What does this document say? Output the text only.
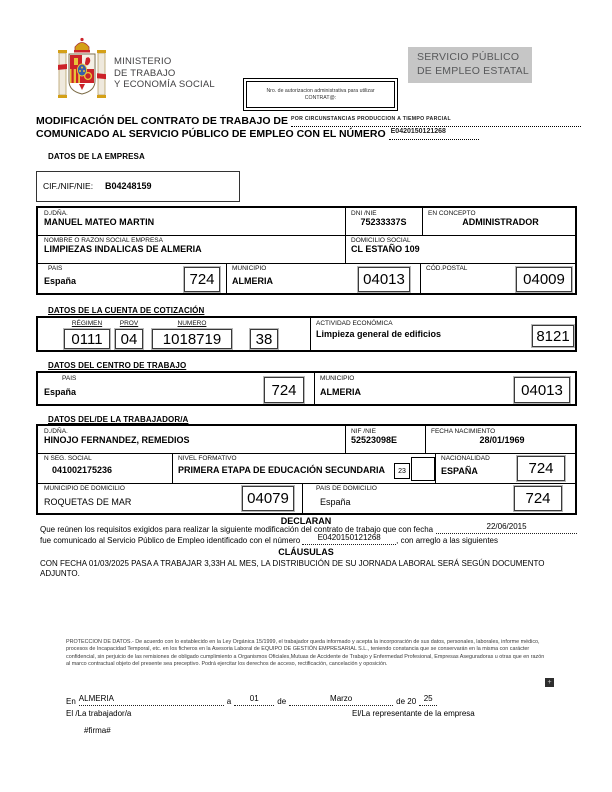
MINISTERIO
DE TRABAJO
Y ECONOMÍA SOCIAL
Nro. de autorizacion administrativa para utilizar
CONTRAT@:
SERVICIO PÚBLICO
DE EMPLEO ESTATAL
MODIFICACIÓN DEL CONTRATO DE TRABAJO DE POR CIRCUNSTANCIAS PRODUCCION A TIEMPO PARCIAL
COMUNICADO AL SERVICIO PÚBLICO DE EMPLEO CON EL NÚMERO E0420150121268
DATOS DE LA EMPRESA
CIF./NIF/NIE: B04248159
D./DÑA.
MANUEL MATEO MARTIN
DNI /NIE
75233337S
EN CONCEPTO
ADMINISTRADOR
NOMBRE O RAZON SOCIAL EMPRESA
LIMPIEZAS INDALICAS DE ALMERIA
DOMICILIO SOCIAL
CL ESTAÑO 109
PAIS
España	724
MUNICIPIO
ALMERIA	04013
CÓD.POSTAL
04009
DATOS DE LA CUENTA DE COTIZACIÓN
RÉGIMEN	PROV	NUMERO
0111	04	1018719	38
ACTIVIDAD ECONÓMICA
Limpieza general de edificios	8121
DATOS DEL CENTRO DE TRABAJO
PAIS
España	724
MUNICIPIO
ALMERIA	04013
DATOS DEL/DE LA TRABAJADOR/A
D./DÑA.
HINOJO FERNANDEZ, REMEDIOS
NIF /NIE
52523098E
FECHA NACIMIENTO
28/01/1969
N SEG. SOCIAL
041002175236
NIVEL FORMATIVO
PRIMERA ETAPA DE EDUCACIÓN SECUNDARIA	23
NACIONALIDAD
ESPAÑA	724
MUNICIPIO DE DOMICILIO
ROQUETAS DE MAR	04079
PAIS DE DOMICILIO
España	724
DECLARAN
Que reúnen los requisitos exigidos para realizar la siguiente modificación del contrato de trabajo que con fecha	22/06/2015
fue comunicado al Servicio Público de Empleo identificado con el número	E0420150121268	, con arreglo a las siguientes
CLÁUSULAS
CON FECHA 01/03/2025 PASA A TRABAJAR 3,33H AL MES, LA DISTRIBUCIÓN DE SU JORNADA LABORAL SERÁ SEGÚN DOCUMENTO ADJUNTO.
PROTECCION DE DATOS.- De acuerdo con lo establecido en la Ley Orgánica 15/1999, el trabajador queda informado y acepta la incorporación de sus datos, personales, laborales, informe médico, procesos de Incapacidad Temporal, etc. en los ficheros en la Asesoria Laboral de EQUIPO DE GESTIÓN EMPRESARIAL S.L., teniendo constancia que se conservarán en la misma con carácter confidencial, sin perjuicio de las remisiones de obligado cumplimiento a Organismos Oficiales,Mutuas de Accidente de Trabajo y Enfermedad Profesional, Empresas Aseguradoras u otras que en razón al marco contractual objeto del presente sea preceptivo. Podrá ejercitar los derechos de acceso, rectificación, cancelación y oposición.
+
En ALMERIA	a	01	de	Marzo	de 20 25
El /La trabajador/a	El/La representante de la empresa
#firma#
